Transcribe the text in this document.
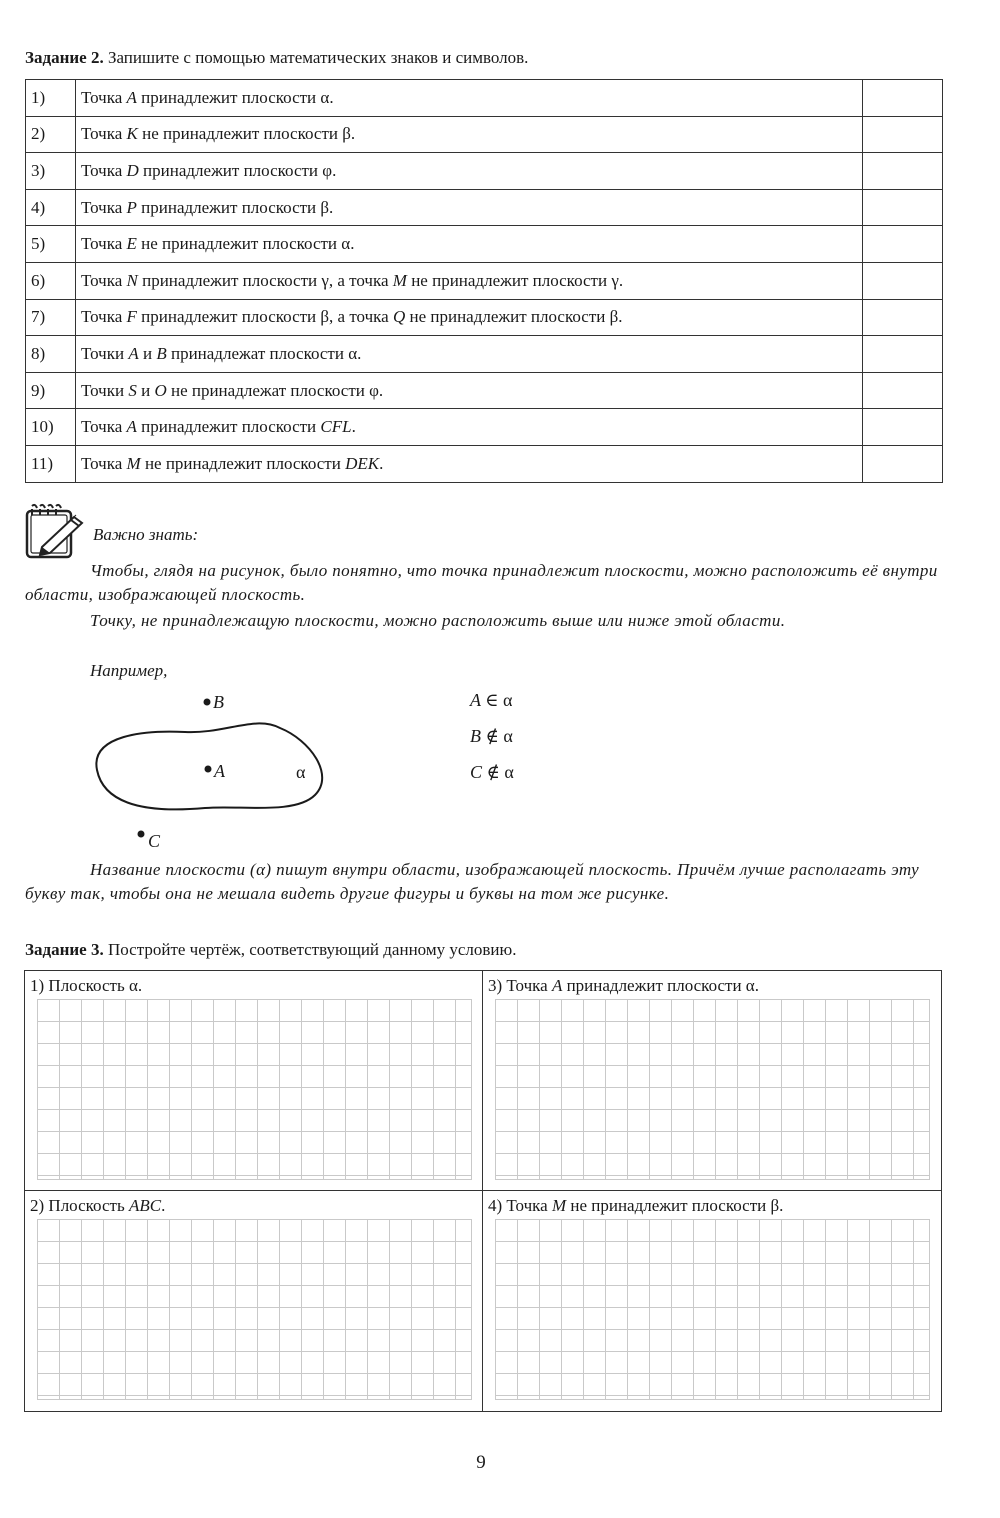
Задание 2. Запишите с помощью математических знаков и символов.
1)	Точка A принадлежит плоскости α.	
2)	Точка K не принадлежит плоскости β.	
3)	Точка D принадлежит плоскости φ.	
4)	Точка P принадлежит плоскости β.	
5)	Точка E не принадлежит плоскости α.	
6)	Точка N принадлежит плоскости γ, а точка M не принадлежит плоскости γ.	
7)	Точка F принадлежит плоскости β, а точка Q не принадлежит плоскости β.	
8)	Точки A и B принадлежат плоскости α.	
9)	Точки S и O не принадлежат плоскости φ.	
10)	Точка A принадлежит плоскости CFL.	
11)	Точка M не принадлежит плоскости DEK.	
Важно знать:
Чтобы, глядя на рисунок, было понятно, что точка принадлежит плоскости, можно расположить её внутри области, изображающей плоскость.
Точку, не принадлежащую плоскости, можно расположить выше или ниже этой области.
Например,
B
A	α
C
A ∈ α
B ∉ α
C ∉ α
Название плоскости (α) пишут внутри области, изображающей плоскость. Причём лучше располагать эту букву так, чтобы она не мешала видеть другие фигуры и буквы на том же рисунке.
Задание 3. Постройте чертёж, соответствующий данному условию.
1) Плоскость α.	3) Точка A принадлежит плоскости α.
2) Плоскость ABC.	4) Точка M не принадлежит плоскости β.
9
